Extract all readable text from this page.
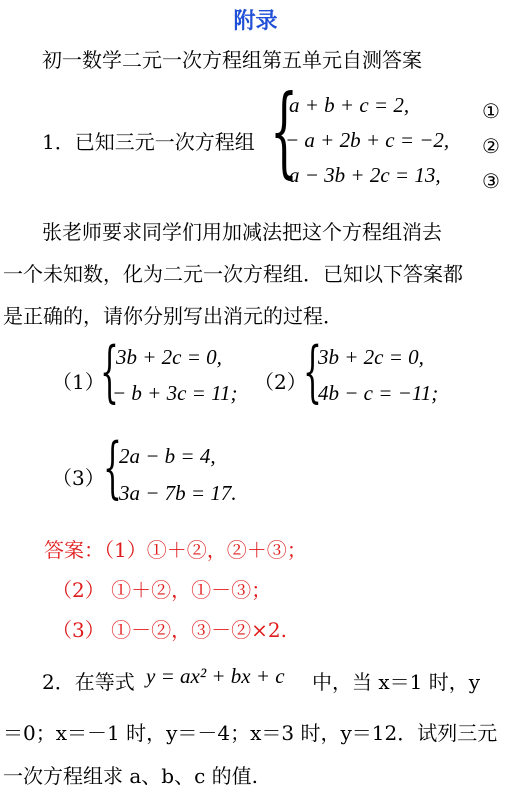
附录
初一数学二元一次方程组第五单元自测答案
1．已知三元一次方程组 {
a + b + c = 2,	①
− a + 2b + c = −2, ②
a − 3b + 2c = 13, ③
张老师要求同学们用加减法把这个方程组消去
一个未知数，化为二元一次方程组．已知以下答案都
是正确的，请你分别写出消元的过程．
（1）
{
3b + 2c = 0,
− b + 3c = 11; （2）
{
3b + 2c = 0,
4b − c = −11;
（3）
{
2a − b = 4,
3a − 7b = 17.
答案：（1）①＋②，②＋③；
（2） ①＋②，①－③；
（3） ①－②，③－②×2.
2．在等式 y = ax² + bx + c 中，当 x＝1 时，y
＝0；x＝－1 时，y＝－4；x＝3 时，y＝12．试列三元
一次方程组求 a、b、c 的值.
